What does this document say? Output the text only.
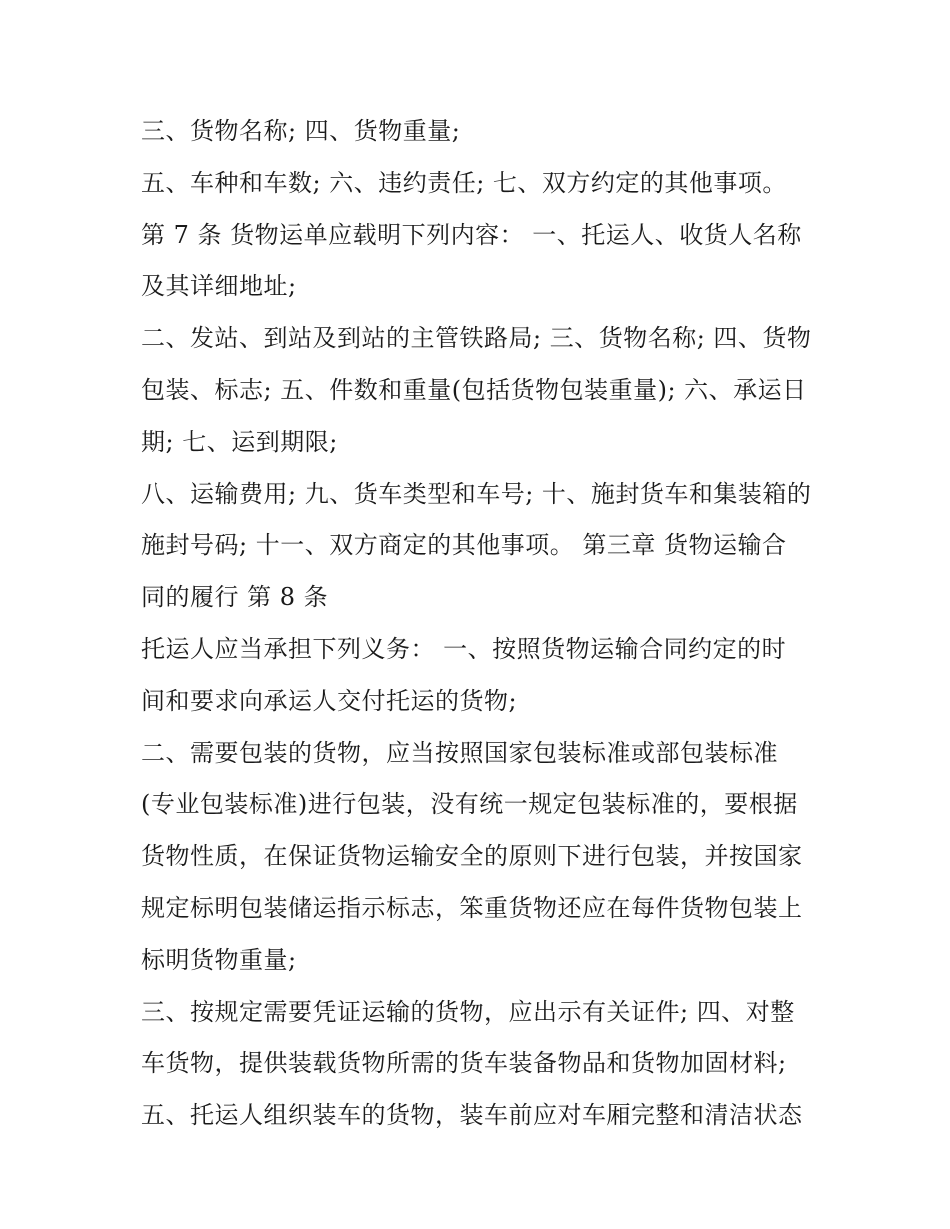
三、货物名称; 四、货物重量;
五、车种和车数; 六、违约责任; 七、双方约定的其他事项。
第 7 条 货物运单应载明下列内容： 一、托运人、收货人名称
及其详细地址;
二、发站、到站及到站的主管铁路局; 三、货物名称; 四、货物
包装、标志; 五、件数和重量(包括货物包装重量); 六、承运日
期; 七、运到期限;
八、运输费用; 九、货车类型和车号; 十、施封货车和集装箱的
施封号码; 十一、双方商定的其他事项。 第三章 货物运输合
同的履行 第 8 条
托运人应当承担下列义务： 一、按照货物运输合同约定的时
间和要求向承运人交付托运的货物;
二、需要包装的货物，应当按照国家包装标准或部包装标准
(专业包装标准)进行包装，没有统一规定包装标准的，要根据
货物性质，在保证货物运输安全的原则下进行包装，并按国家
规定标明包装储运指示标志，笨重货物还应在每件货物包装上
标明货物重量;
三、按规定需要凭证运输的货物，应出示有关证件; 四、对整
车货物，提供装载货物所需的货车装备物品和货物加固材料;
五、托运人组织装车的货物，装车前应对车厢完整和清洁状态
